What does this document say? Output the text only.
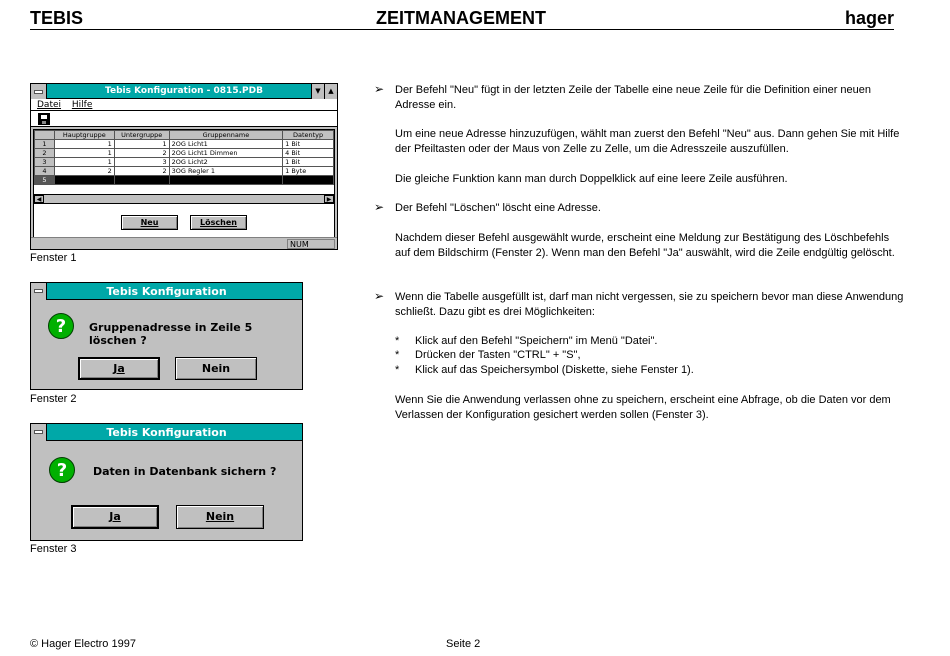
TEBIS	ZEITMANAGEMENT	hager
Tebis Konfiguration - 0815.PDB	▼	▲
Datei Hilfe
	Hauptgruppe	Untergruppe	Gruppenname	Datentyp
1	1	1	2OG Licht1	1 Bit
2	1	2	2OG Licht1 Dimmen	4 Bit
3	1	3	2OG Licht2	1 Bit
4	2	2	3OG Regler 1	1 Byte
5				
◀	▶
Neu	Löschen
NUM
Fenster 1
Tebis Konfiguration
?	Gruppenadresse in Zeile 5 löschen ?
Ja	Nein
Fenster 2
Tebis Konfiguration
?	Daten in Datenbank sichern ?
Ja	Nein
Fenster 3
➢ Der Befehl "Neu" fügt in der letzten Zeile der Tabelle eine neue Zeile für die Definition einer neuen Adresse ein.
Um eine neue Adresse hinzuzufügen, wählt man zuerst den Befehl "Neu" aus. Dann gehen Sie mit Hilfe der Pfeiltasten oder der Maus von Zelle zu Zelle, um die Adresszeile auszufüllen.
Die gleiche Funktion kann man durch Doppelklick auf eine leere Zeile ausführen.
➢ Der Befehl "Löschen" löscht eine Adresse.
Nachdem dieser Befehl ausgewählt wurde, erscheint eine Meldung zur Bestätigung des Löschbefehls auf dem Bildschirm (Fenster 2). Wenn man den Befehl "Ja" auswählt, wird die Zeile endgültig gelöscht.
➢ Wenn die Tabelle ausgefüllt ist, darf man nicht vergessen, sie zu speichern bevor man diese Anwendung schließt. Dazu gibt es drei Möglichkeiten:
* Klick auf den Befehl "Speichern" im Menü "Datei".
* Drücken der Tasten "CTRL" + "S",
* Klick auf das Speichersymbol (Diskette, siehe Fenster 1).
Wenn Sie die Anwendung verlassen ohne zu speichern, erscheint eine Abfrage, ob die Daten vor dem Verlassen der Konfiguration gesichert werden sollen (Fenster 3).
© Hager Electro 1997	Seite 2
